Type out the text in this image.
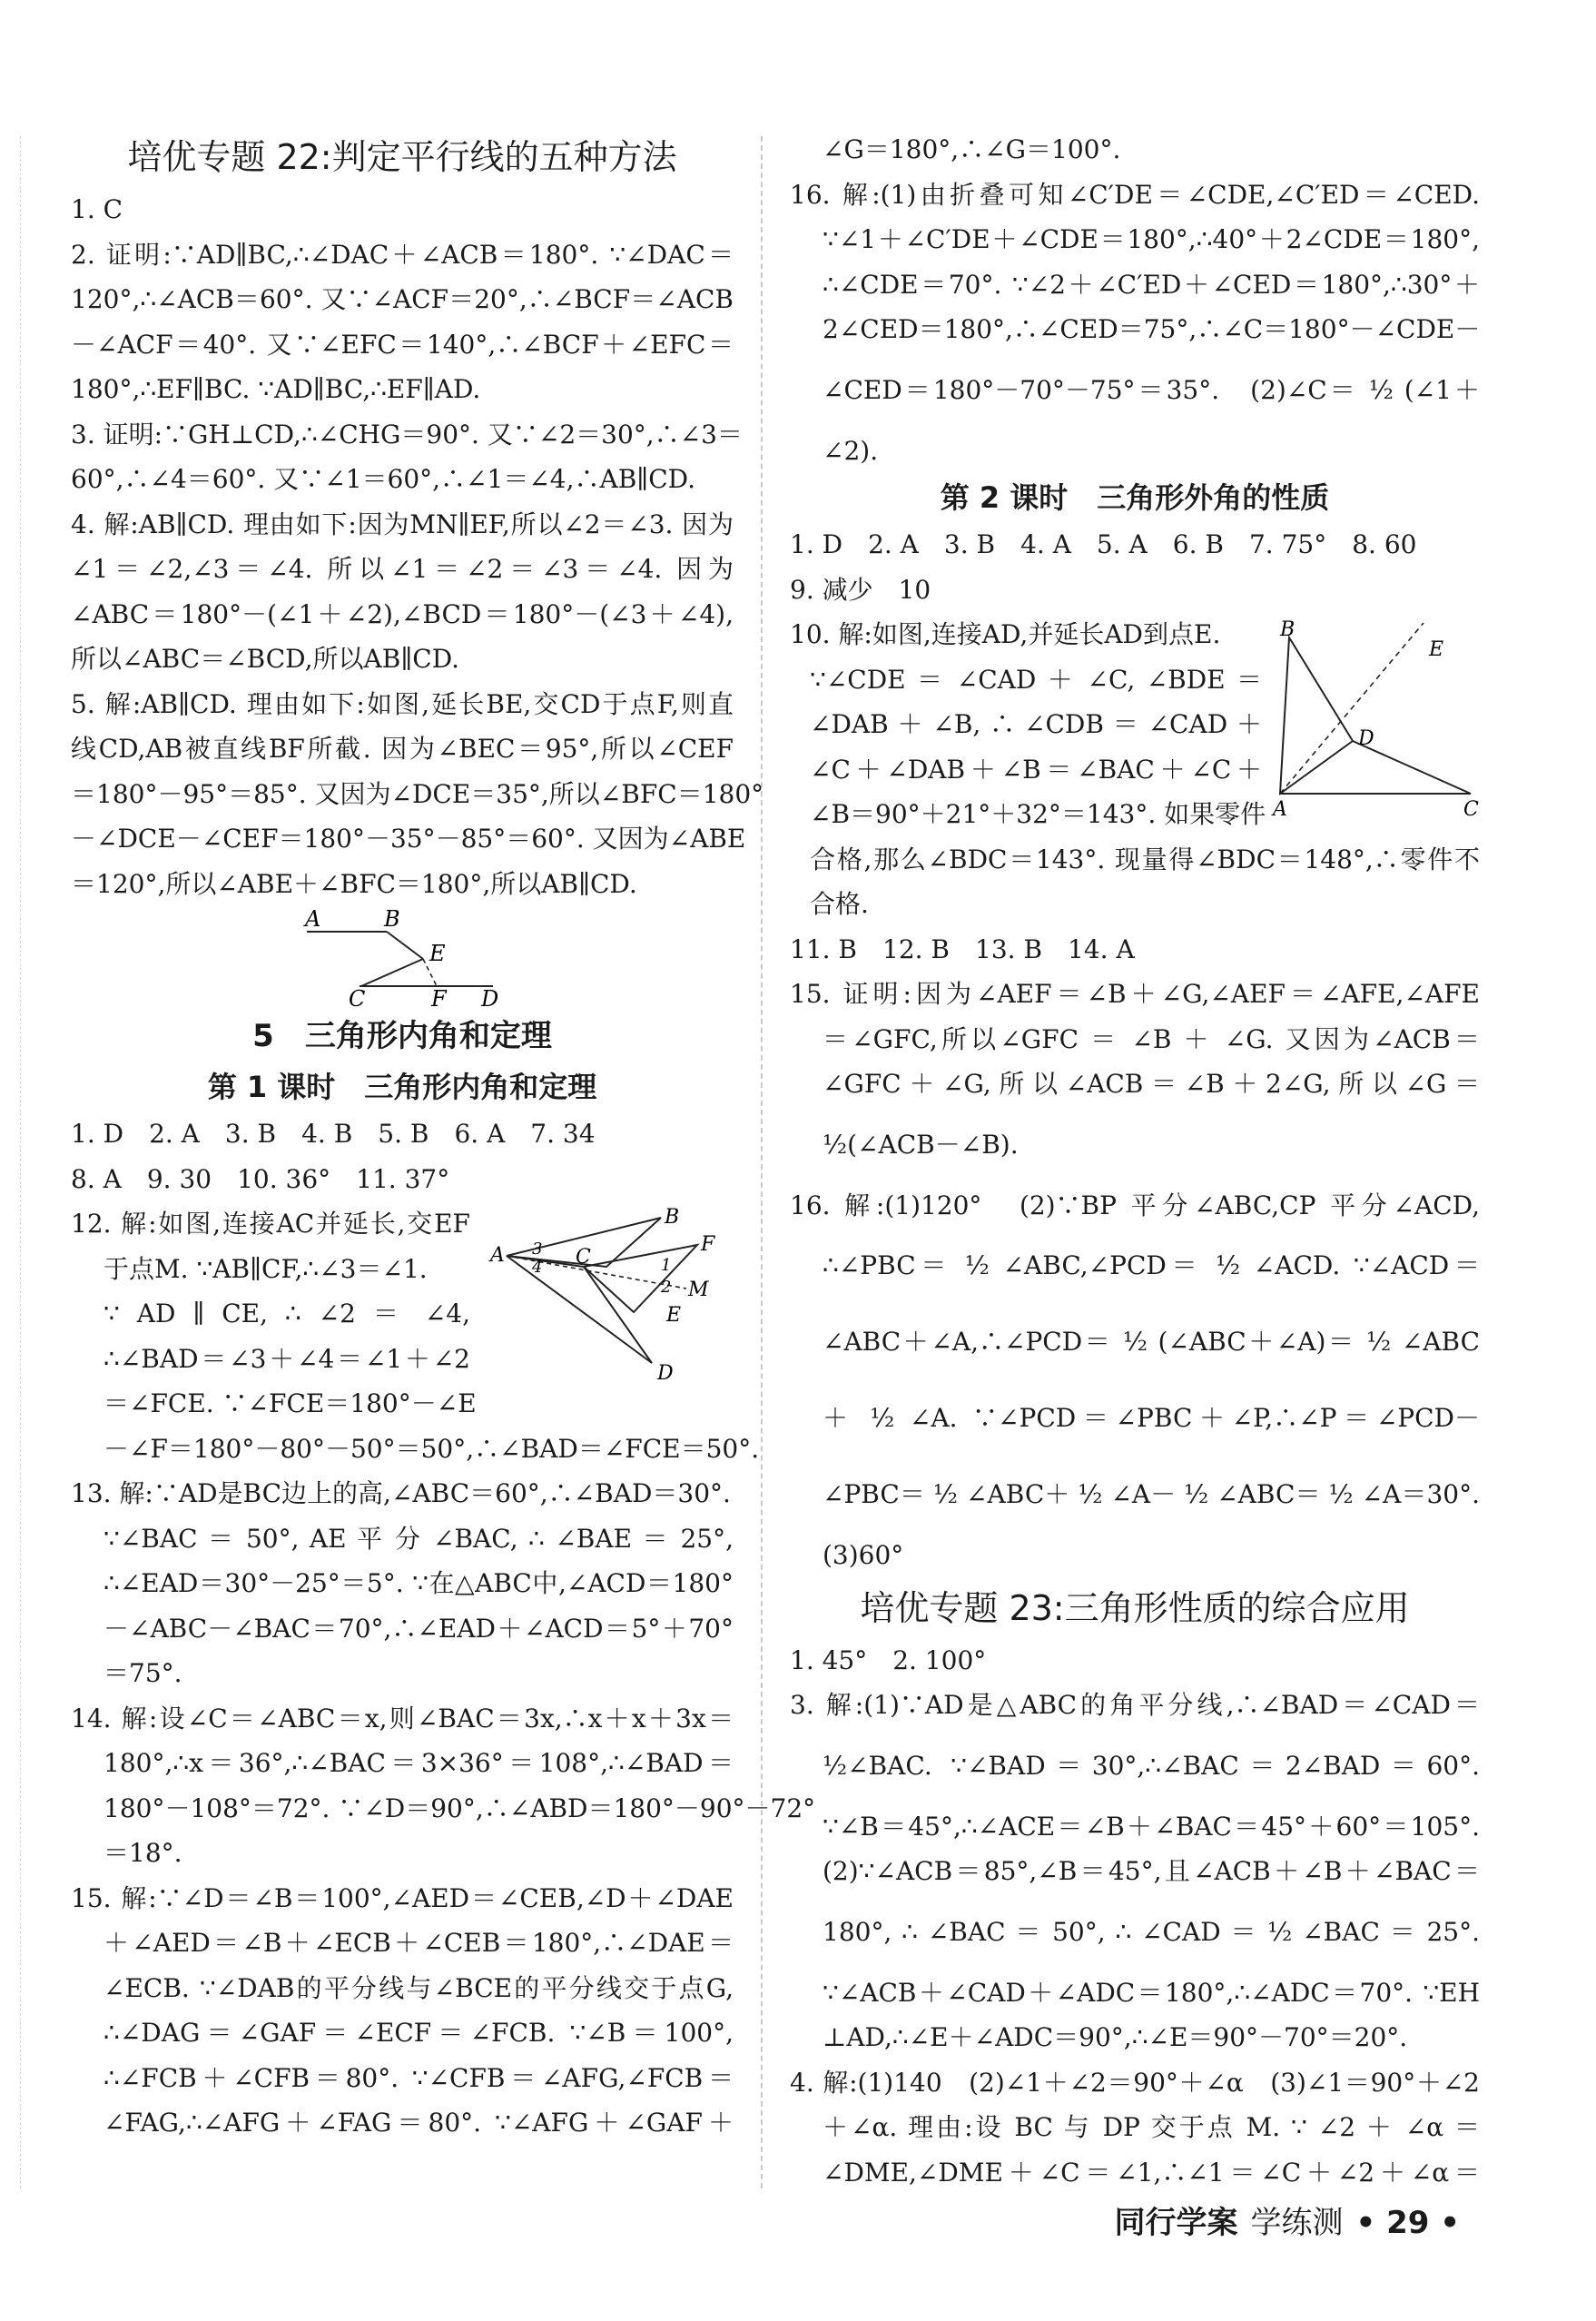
培优专题 22:判定平行线的五种方法
1. C
2. 证明:∵AD∥BC,∴∠DAC＋∠ACB＝180°. ∵∠DAC＝
120°,∴∠ACB＝60°. 又∵∠ACF＝20°,∴∠BCF＝∠ACB
－∠ACF＝40°. 又∵∠EFC＝140°,∴∠BCF＋∠EFC＝
180°,∴EF∥BC. ∵AD∥BC,∴EF∥AD.
3. 证明:∵GH⊥CD,∴∠CHG＝90°. 又∵∠2＝30°,∴∠3＝
60°,∴∠4＝60°. 又∵∠1＝60°,∴∠1＝∠4,∴AB∥CD.
4. 解:AB∥CD. 理由如下:因为MN∥EF,所以∠2＝∠3. 因为
∠1＝∠2,∠3＝∠4. 所以∠1＝∠2＝∠3＝∠4. 因为
∠ABC＝180°－(∠1＋∠2),∠BCD＝180°－(∠3＋∠4),
所以∠ABC＝∠BCD,所以AB∥CD.
5. 解:AB∥CD. 理由如下:如图,延长BE,交CD于点F,则直
线CD,AB被直线BF所截. 因为∠BEC＝95°,所以∠CEF
＝180°－95°＝85°. 又因为∠DCE＝35°,所以∠BFC＝180°
－∠DCE－∠CEF＝180°－35°－85°＝60°. 又因为∠ABE
＝120°,所以∠ABE＋∠BFC＝180°,所以AB∥CD.
A	B
E
C	F D
5　三角形内角和定理
第 1 课时　三角形内角和定理
1. D　2. A　3. B　4. B　5. B　6. A　7. 34
8. A　9. 30　10. 36°　11. 37°
12. 解:如图,连接AC并延长,交EF
于点M. ∵AB∥CF,∴∠3＝∠1.
∵ AD ∥ CE, ∴ ∠2 ＝ ∠4,
∴∠BAD＝∠3＋∠4＝∠1＋∠2
＝∠FCE. ∵∠FCE＝180°－∠E
－∠F＝180°－80°－50°＝50°,∴∠BAD＝∠FCE＝50°.
A
B
C
F
M
E
D
3
4	1
2
13. 解:∵AD是BC边上的高,∠ABC＝60°,∴∠BAD＝30°.
∵∠BAC ＝ 50°, AE 平 分 ∠BAC, ∴ ∠BAE ＝ 25°,
∴∠EAD＝30°－25°＝5°. ∵在△ABC中,∠ACD＝180°
－∠ABC－∠BAC＝70°,∴∠EAD＋∠ACD＝5°＋70°
＝75°.
14. 解:设∠C＝∠ABC＝x,则∠BAC＝3x,∴x＋x＋3x＝
180°,∴x＝36°,∴∠BAC＝3×36°＝108°,∴∠BAD＝
180°－108°＝72°. ∵∠D＝90°,∴∠ABD＝180°－90°－72°
＝18°.
15. 解:∵∠D＝∠B＝100°,∠AED＝∠CEB,∠D＋∠DAE
＋∠AED＝∠B＋∠ECB＋∠CEB＝180°,∴∠DAE＝
∠ECB. ∵∠DAB的平分线与∠BCE的平分线交于点G,
∴∠DAG＝∠GAF＝∠ECF＝∠FCB. ∵∠B＝100°,
∴∠FCB＋∠CFB＝80°. ∵∠CFB＝∠AFG,∠FCB＝
∠FAG,∴∠AFG＋∠FAG＝80°. ∵∠AFG＋∠GAF＋
∠G＝180°,∴∠G＝100°.
16. 解:(1)由折叠可知∠C′DE＝∠CDE,∠C′ED＝∠CED.
∵∠1＋∠C′DE＋∠CDE＝180°,∴40°＋2∠CDE＝180°,
∴∠CDE＝70°. ∵∠2＋∠C′ED＋∠CED＝180°,∴30°＋
2∠CED＝180°,∴∠CED＝75°,∴∠C＝180°－∠CDE－
∠CED＝180°－70°－75°＝35°.　(2)∠C＝ ½ (∠1＋
∠2).
第 2 课时　三角形外角的性质
1. D　2. A　3. B　4. A　5. A　6. B　7. 75°　8. 60
9. 减少　10
10. 解:如图,连接AD,并延长AD到点E.
∵∠CDE ＝ ∠CAD ＋ ∠C, ∠BDE ＝
∠DAB ＋ ∠B, ∴ ∠CDB ＝ ∠CAD ＋
∠C＋∠DAB＋∠B＝∠BAC＋∠C＋
∠B＝90°＋21°＋32°＝143°. 如果零件
合格,那么∠BDC＝143°. 现量得∠BDC＝148°,∴零件不
合格.
B
E
D
A	C
11. B　12. B　13. B　14. A
15. 证明:因为∠AEF＝∠B＋∠G,∠AEF＝∠AFE,∠AFE
＝∠GFC,所以∠GFC ＝ ∠B ＋ ∠G. 又因为∠ACB＝
∠GFC＋∠G,所以∠ACB＝∠B＋2∠G,所以∠G＝
½(∠ACB－∠B).
16. 解:(1)120°　(2)∵BP 平分∠ABC,CP 平分∠ACD,
∴∠PBC＝ ½ ∠ABC,∠PCD＝ ½ ∠ACD. ∵∠ACD＝
∠ABC＋∠A,∴∠PCD＝ ½ (∠ABC＋∠A)＝ ½ ∠ABC
＋ ½ ∠A. ∵∠PCD＝∠PBC＋∠P,∴∠P＝∠PCD－
∠PBC＝ ½ ∠ABC＋ ½ ∠A－ ½ ∠ABC＝ ½ ∠A＝30°.
(3)60°
培优专题 23:三角形性质的综合应用
1. 45°　2. 100°
3. 解:(1)∵AD是△ABC的角平分线,∴∠BAD＝∠CAD＝
½∠BAC. ∵∠BAD＝30°,∴∠BAC＝2∠BAD＝60°.
∵∠B＝45°,∴∠ACE＝∠B＋∠BAC＝45°＋60°＝105°.
(2)∵∠ACB＝85°,∠B＝45°,且∠ACB＋∠B＋∠BAC＝
180°, ∴ ∠BAC ＝ 50°, ∴ ∠CAD ＝ ½ ∠BAC ＝ 25°.
∵∠ACB＋∠CAD＋∠ADC＝180°,∴∠ADC＝70°. ∵EH
⊥AD,∴∠E＋∠ADC＝90°,∴∠E＝90°－70°＝20°.
4. 解:(1)140　(2)∠1＋∠2＝90°＋∠α　(3)∠1＝90°＋∠2
＋∠α. 理由:设 BC 与 DP 交于点 M. ∵ ∠2 ＋ ∠α ＝
∠DME,∠DME＋∠C＝∠1,∴∠1＝∠C＋∠2＋∠α＝
同行学案 学练测 • 29 •
